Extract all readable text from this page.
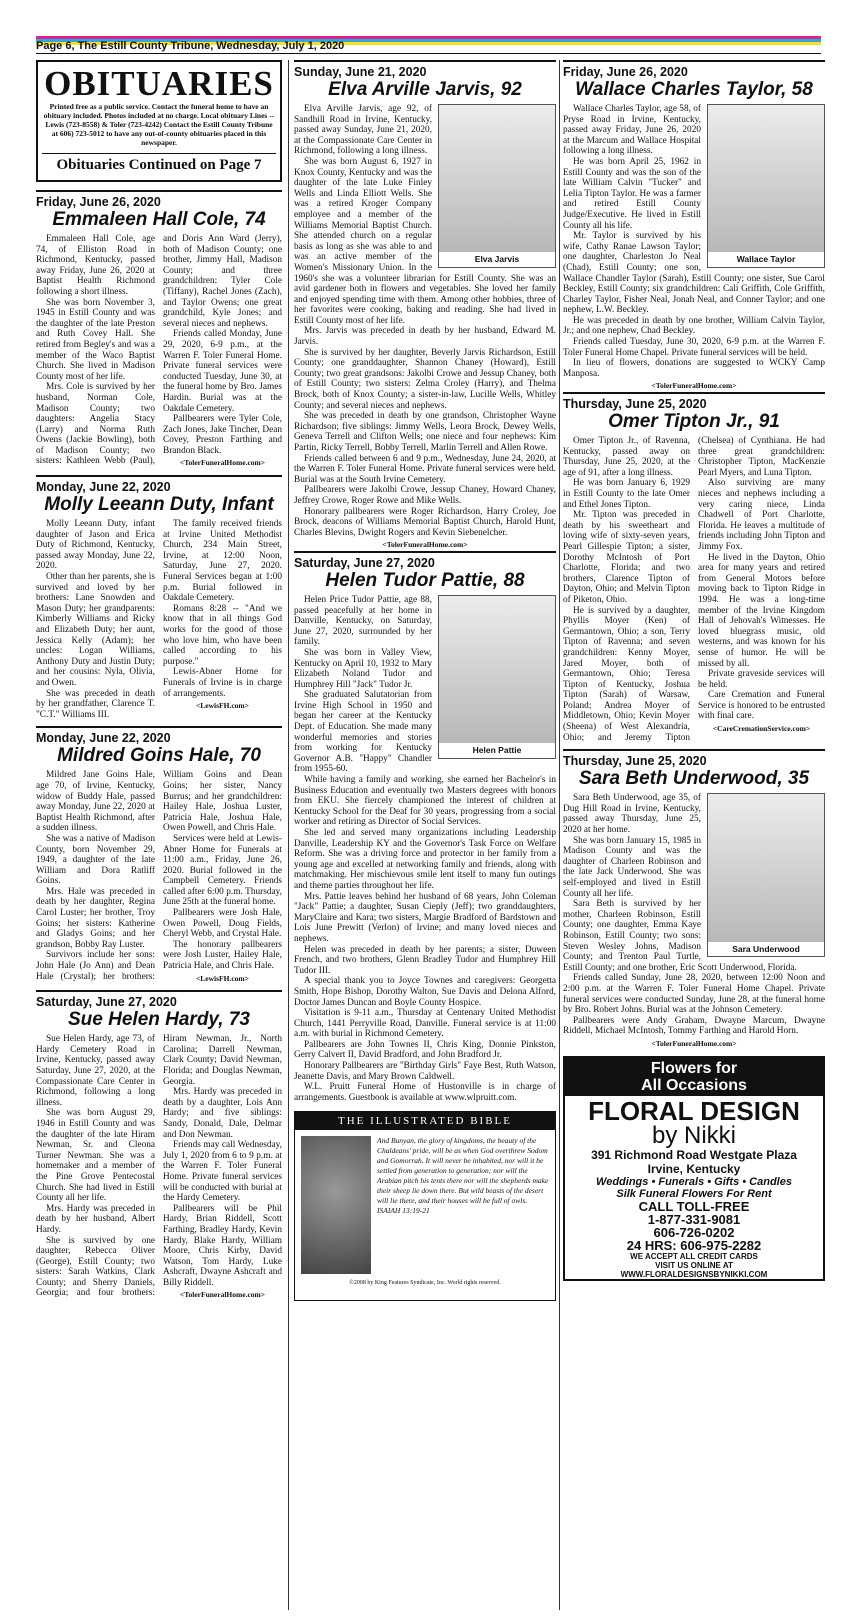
Page 6, The Estill County Tribune, Wednesday, July 1, 2020
OBITUARIES
Printed free as a public service. Contact the funeral home to have an obituary included. Photos included at no charge. Local obituary Lines -- Lewis (723-8558) & Toler (723-4242) Contact the Estill County Tribune at 606) 723-5012 to have any out-of-county obituaries placed in this newspaper.
Obituaries Continued on Page 7
Friday, June 26, 2020
Emmaleen Hall Cole, 74

Emmaleen Hall Cole, age 74, of Elliston Road in Richmond, Kentucky, passed away Friday, June 26, 2020 at Baptist Health Richmond following a short illness.

She was born November 3, 1945 in Estill County and was the daughter of the late Preston and Ruth Covey Hall. She retired from Begley's and was a member of the Waco Baptist Church. She lived in Madison County most of her life.

Mrs. Cole is survived by her husband, Norman Cole, Madison County; two daughters: Angelia Stacy (Larry) and Norma Ruth Owens (Jackie Bowling), both of Madison County; two sisters: Kathleen Webb (Paul), and Doris Ann Ward (Jerry), both of Madison County; one brother, Jimmy Hall, Madison County; and three grandchildren: Tyler Cole (Tiffany), Rachel Jones (Zach), and Taylor Owens; one great grandchild, Kyle Jones; and several nieces and nephews.

Friends called Monday, June 29, 2020, 6-9 p.m., at the Warren F. Toler Funeral Home. Private funeral services were conducted Tuesday, June 30, at the funeral home by Bro. James Hardin. Burial was at the Oakdale Cemetery.

Pallbearers were Tyler Cole, Zach Jones, Jake Tincher, Dean Covey, Preston Farthing and Brandon Black.

<TolerFuneralHome.com>
Monday, June 22, 2020
Molly Leeann Duty, Infant

Molly Leeann Duty, infant daughter of Jason and Erica Duty of Richmond, Kentucky, passed away Monday, June 22, 2020.

Other than her parents, she is survived and loved by her brothers: Lane Snowden and Mason Duty; her grandparents: Kimberly Williams and Ricky and Elizabeth Duty; her aunt, Jessica Kelly (Adam); her uncles: Logan Williams, Anthony Duty and Justin Duty; and her cousins: Nyla, Olivia, and Owen.

She was preceded in death by her grandfather, Clarence T. "C.T." Williams III.

The family received friends at Irvine United Methodist Church, 234 Main Street, Irvine, at 12:00 Noon, Saturday, June 27, 2020. Funeral Services began at 1:00 p.m. Burial followed in Oakdale Cemetery.

Romans 8:28 -- "And we know that in all things God works for the good of those who love him, who have been called according to his purpose."

Lewis-Abner Home for Funerals of Irvine is in charge of arrangements.

<LewisFH.com>
Monday, June 22, 2020
Mildred Goins Hale, 70

Mildred Jane Goins Hale, age 70, of Irvine, Kentucky, widow of Buddy Hale, passed away Monday, June 22, 2020 at Baptist Health Richmond, after a sudden illness.

She was a native of Madison County, born November 29, 1949, a daughter of the late William and Dora Ratliff Goins.

Mrs. Hale was preceded in death by her daughter, Regina Carol Luster; her brother, Troy Goins; her sisters: Katherine and Gladys Goins; and her grandson, Bobby Ray Luster.

Survivors include her sons: John Hale (Jo Ann) and Dean Hale (Crystal); her brothers: William Goins and Dean Goins; her sister, Nancy Burrus; and her grandchildren: Hailey Hale, Joshua Luster, Patricia Hale, Joshua Hale, Owen Powell, and Chris Hale.

Services were held at Lewis-Abner Home for Funerals at 11:00 a.m., Friday, June 26, 2020. Burial followed in the Campbell Cemetery. Friends called after 6:00 p.m. Thursday, June 25th at the funeral home.

Pallbearers were Josh Hale, Owen Powell, Doug Fields, Cheryl Webb, and Crystal Hale.

The honorary pallbearers were Josh Luster, Hailey Hale, Patricia Hale, and Chris Hale.

<LewisFH.com>
Saturday, June 27, 2020
Sue Helen Hardy, 73

Sue Helen Hardy, age 73, of Hardy Cemetery Road in Irvine, Kentucky, passed away Saturday, June 27, 2020, at the Compassionate Care Center in Richmond, following a long illness.

She was born August 29, 1946 in Estill County and was the daughter of the late Hiram Newman, Sr. and Cleona Turner Newman. She was a homemaker and a member of the Pine Grove Pentecostal Church. She had lived in Estill County all her life.

Mrs. Hardy was preceded in death by her husband, Albert Hardy.

She is survived by one daughter, Rebecca Oliver (George), Estill County; two sisters: Sarah Watkins, Clark County; and Sherry Daniels, Georgia; and four brothers: Hiram Newman, Jr., North Carolina; Darrell Newman, Clark County; David Newman, Florida; and Douglas Newman, Georgia.

Mrs. Hardy was preceded in death by a daughter, Lois Ann Hardy; and five siblings: Sandy, Donald, Dale, Delmar and Don Newman.

Friends may call Wednesday, July 1, 2020 from 6 to 9 p.m. at the Warren F. Toler Funeral Home. Private funeral services will be conducted with burial at the Hardy Cemetery.

Pallbearers will be Phil Hardy, Brian Riddell, Scott Farthing, Bradley Hardy, Kevin Hardy, Blake Hardy, William Moore, Chris Kirby, David Watson, Tom Hardy, Luke Ashcraft, Dwayne Ashcraft and Billy Riddell.

<TolerFuneralHome.com>
Sunday, June 21, 2020
Elva Arville Jarvis, 92
Elva Jarvis

Elva Arville Jarvis, age 92, of Sandhill Road in Irvine, Kentucky, passed away Sunday, June 21, 2020, at the Compassionate Care Center in Richmond, following a long illness.

She was born August 6, 1927 in Knox County, Kentucky and was the daughter of the late Luke Finley Wells and Linda Elliott Wells. She was a retired Kroger Company employee and a member of the Williams Memorial Baptist Church. She attended church on a regular basis as long as she was able to and was an active member of the Women's Missionary Union. In the 1960's she was a volunteer librarian for Estill County. She was an avid gardener both in flowers and vegetables. She loved her family and enjoyed spending time with them. Among other hobbies, three of her favorites were cooking, baking and reading. She had lived in Estill County most of her life.

Mrs. Jarvis was preceded in death by her husband, Edward M. Jarvis.

She is survived by her daughter, Beverly Jarvis Richardson, Estill County; one granddaughter, Shannon Chaney (Howard), Estill County; two great grandsons: Jakolbi Crowe and Jessup Chaney, both of Estill County; two sisters: Zelma Croley (Harry), and Thelma Brock, both of Knox County; a sister-in-law, Lucille Wells, Whitley County; and several nieces and nephews.

She was preceded in death by one grandson, Christopher Wayne Richardson; five siblings: Jimmy Wells, Leora Brock, Dewey Wells, Geneva Terrell and Clifton Wells; one niece and four nephews: Kim Partin, Ricky Terrell, Bobby Terrell, Marlin Terrell and Allen Rowe.

Friends called between 6 and 9 p.m., Wednesday, June 24, 2020, at the Warren F. Toler Funeral Home. Private funeral services were held. Burial was at the South Irvine Cemetery.

Pallbearers were Jakolbi Crowe, Jessup Chaney, Howard Chaney, Jeffrey Crowe, Roger Rowe and Mike Wells.

Honorary pallbearers were Roger Richardson, Harry Croley, Joe Brock, deacons of Williams Memorial Baptist Church, Harold Hunt, Charles Blevins, Dwight Rogers and Kevin Siebenelcher.

<TolerFuneralHome.com>
Saturday, June 27, 2020
Helen Tudor Pattie, 88
Helen Pattie

Helen Price Tudor Pattie, age 88, passed peacefully at her home in Danville, Kentucky, on Saturday, June 27, 2020, surrounded by her family.

She was born in Valley View, Kentucky on April 10, 1932 to Mary Elizabeth Noland Tudor and Humphrey Hill "Jack" Tudor Jr.

She graduated Salutatorian from Irvine High School in 1950 and began her career at the Kentucky Dept. of Education. She made many wonderful memories and stories from working for Kentucky Governor A.B. "Happy" Chandler from 1955-60.

While having a family and working, she earned her Bachelor's in Business Education and eventually two Masters degrees with honors from EKU. She fiercely championed the interest of children at Kentucky School for the Deaf for 30 years, progressing from a social worker and retiring as Director of Social Services.

She led and served many organizations including Leadership Danville, Leadership KY and the Governor's Task Force on Welfare Reform. She was a driving force and protector in her family from a young age and excelled at networking family and friends, along with matchmaking. Her mischievous smile lent itself to many fun outings and theme parties throughout her life.

Mrs. Pattie leaves behind her husband of 68 years, John Coleman "Jack" Pattie; a daughter, Susan Cieply (Jeff); two granddaughters, MaryClaire and Kara; two sisters, Margie Bradford of Bardstown and Lois June Prewitt (Verlon) of Irvine; and many loved nieces and nephews.

Helen was preceded in death by her parents; a sister, Duween French, and two brothers, Glenn Bradley Tudor and Humphrey Hill Tudor III.

A special thank you to Joyce Townes and caregivers: Georgetta Smith, Hope Bishop, Dorothy Walton, Sue Davis and Delona Alford, Doctor James Duncan and Boyle County Hospice.

Visitation is 9-11 a.m., Thursday at Centenary United Methodist Church, 1441 Perryville Road, Danville. Funeral service is at 11:00 a.m. with burial in Richmond Cemetery.

Pallbearers are John Townes II, Chris King, Donnie Pinkston, Gerry Calvert II, David Bradford, and John Bradford Jr.

Honorary Pallbearers are "Birthday Girls" Faye Best, Ruth Watson, Jeanette Davis, and Mary Brown Caldwell.

W.L. Pruitt Funeral Home of Hustonville is in charge of arrangements. Guestbook is available at www.wlpruitt.com.

THE ILLUSTRATED BIBLE
And Bunyan, the glory of kingdoms, the beauty of the Chaldeans' pride, will be as when God overthrew Sodom and Gomorrah. It will never be inhabited, nor will it be settled from generation to generation; nor will the Arabian pitch his tents there nor will the shepherds make their sheep lie down there. But wild beasts of the desert will lie there, and their houses will be full of owls. ISAIAH 13:19-21
©2008 by King Features Syndicate, Inc. World rights reserved.
Friday, June 26, 2020
Wallace Charles Taylor, 58
Wallace Taylor

Wallace Charles Taylor, age 58, of Pryse Road in Irvine, Kentucky, passed away Friday, June 26, 2020 at the Marcum and Wallace Hospital following a long illness.

He was born April 25, 1962 in Estill County and was the son of the late William Calvin "Tucker" and Lelia Tipton Taylor. He was a farmer and retired Estill County Judge/Executive. He lived in Estill County all his life.

Mr. Taylor is survived by his wife, Cathy Ranae Lawson Taylor; one daughter, Charleston Jo Neal (Chad), Estill County; one son, Wallace Chandler Taylor (Sarah), Estill County; one sister, Sue Carol Beckley, Estill County; six grandchildren: Cali Griffith, Cole Griffith, Charley Taylor, Fisher Neal, Jonah Neal, and Conner Taylor; and one nephew, L.W. Beckley.

He was preceded in death by one brother, William Calvin Taylor, Jr.; and one nephew, Chad Beckley.

Friends called Tuesday, June 30, 2020, 6-9 p.m. at the Warren F. Toler Funeral Home Chapel. Private funeral services will be held.

In lieu of flowers, donations are suggested to WCKY Camp Manposa.

<TolerFuneralHome.com>
Thursday, June 25, 2020
Omer Tipton Jr., 91

Omer Tipton Jr., of Ravenna, Kentucky, passed away on Thursday, June 25, 2020, at the age of 91, after a long illness.

He was born January 6, 1929 in Estill County to the late Omer and Ethel Jones Tipton.

Mr. Tipton was preceded in death by his sweetheart and loving wife of sixty-seven years, Pearl Gillespie Tipton; a sister, Dorothy McIntosh of Port Charlotte, Florida; and two brothers, Clarence Tipton of Dayton, Ohio; and Melvin Tipton of Piketon, Ohio.

He is survived by a daughter, Phyllis Moyer (Ken) of Germantown, Ohio; a son, Terry Tipton of Ravenna; and seven grandchildren: Kenny Moyer, Jared Moyer, both of Germantown, Ohio; Teresa Tipton of Kentucky, Joshua Tipton (Sarah) of Warsaw, Poland; Andrea Moyer of Middletown, Ohio; Kevin Moyer (Sheena) of West Alexandria, Ohio; and Jeremy Tipton (Chelsea) of Cynthiana. He had three great grandchildren: Christopher Tipton, MacKenzie Pearl Myers, and Luna Tipton.

Also surviving are many nieces and nephews including a very caring niece, Linda Chadwell of Port Charlotte, Florida. He leaves a multitude of friends including John Tipton and Jimmy Fox.

He lived in the Dayton, Ohio area for many years and retired from General Motors before moving back to Tipton Ridge in 1994. He was a long-time member of the Irvine Kingdom Hall of Jehovah's Witnesses. He loved bluegrass music, old westerns, and was known for his sense of humor. He will be missed by all.

Private graveside services will be held.

Care Cremation and Funeral Service is honored to be entrusted with final care.

<CareCremationService.com>
Thursday, June 25, 2020
Sara Beth Underwood, 35
Sara Underwood

Sara Beth Underwood, age 35, of Dug Hill Road in Irvine, Kentucky, passed away Thursday, June 25, 2020 at her home.

She was born January 15, 1985 in Madison County and was the daughter of Charleen Robinson and the late Jack Underwood. She was self-employed and lived in Estill County all her life.

Sara Beth is survived by her mother, Charleen Robinson, Estill County; one daughter, Emma Kaye Robinson, Estill County; two sons: Steven Wesley Johns, Madison County; and Trenton Paul Turtle, Estill County; and one brother, Eric Scott Underwood, Florida.

Friends called Sunday, June 28, 2020, between 12:00 Noon and 2:00 p.m. at the Warren F. Toler Funeral Home Chapel. Private funeral services were conducted Sunday, June 28, at the funeral home by Bro. Robert Johns. Burial was at the Johnson Cemetery.

Pallbearers were Andy Graham, Dwayne Marcum, Dwayne Riddell, Michael McIntosh, Tommy Farthing and Harold Horn.

<TolerFuneralHome.com>
Flowers for
All Occasions
FLORAL DESIGN
by Nikki
391 Richmond Road Westgate Plaza
Irvine, Kentucky
Weddings • Funerals • Gifts • Candles
Silk Funeral Flowers For Rent
CALL TOLL-FREE
1-877-331-9081
606-726-0202
24 HRS: 606-975-2282
WE ACCEPT ALL CREDIT CARDS
VISIT US ONLINE AT
WWW.FLORALDESIGNSBYNIKKI.COM
